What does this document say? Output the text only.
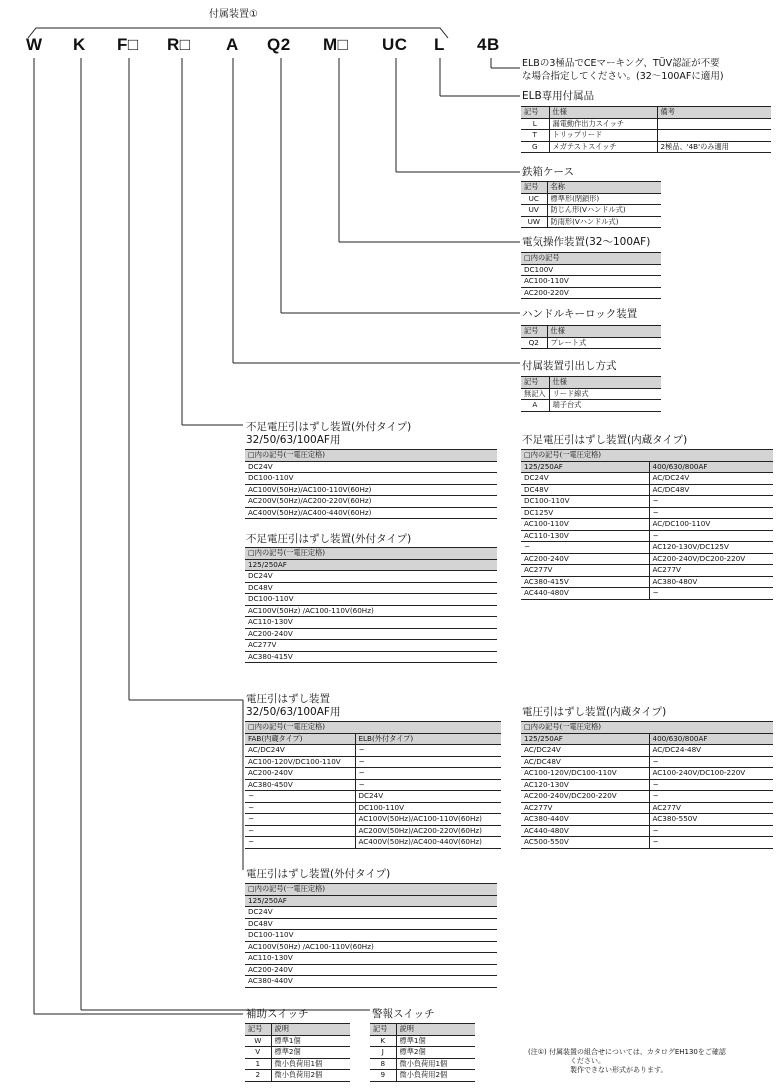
付属装置①
W K F□ R□ A Q2 M□ UC L 4B
ELBの3極品でCEマーキング、TÜV認証が不要
な場合指定してください。(32〜100AFに適用)
ELB専用付属品
記号	仕様	備考
L	漏電動作出力スイッチ	
T	トリップリード	
G	メガテストスイッチ	2極品、'4B'のみ適用
鉄箱ケース
記号	名称
UC	標準形(閉鎖形)
UV	防じん形(Vハンドル式)
UW	防雨形(Vハンドル式)
電気操作装置(32〜100AF)
□内の記号
DC100V
AC100-110V
AC200-220V
ハンドルキーロック装置
記号	仕様
Q2	プレート式
付属装置引出し方式
記号	仕様
無記入	リード線式
A	端子台式
不足電圧引はずし装置(外付タイプ)
32/50/63/100AF用
□内の記号(一電圧定格)
DC24V
DC100-110V
AC100V(50Hz)/AC100-110V(60Hz)
AC200V(50Hz)/AC200-220V(60Hz)
AC400V(50Hz)/AC400-440V(60Hz)
不足電圧引はずし装置(外付タイプ)
□内の記号(一電圧定格)
125/250AF
DC24V
DC48V
DC100-110V
AC100V(50Hz) /AC100-110V(60Hz)
AC110-130V
AC200-240V
AC277V
AC380-415V
不足電圧引はずし装置(内蔵タイプ)
□内の記号(一電圧定格)	
125/250AF	400/630/800AF
DC24V	AC/DC24V
DC48V	AC/DC48V
DC100-110V	−
DC125V	−
AC100-110V	AC/DC100-110V
AC110-130V	−
−	AC120-130V/DC125V
AC200-240V	AC200-240V/DC200-220V
AC277V	AC277V
AC380-415V	AC380-480V
AC440-480V	−
電圧引はずし装置
32/50/63/100AF用
□内の記号(一電圧定格)	
FAB(内蔵タイプ)	ELB(外付タイプ)
AC/DC24V	−
AC100-120V/DC100-110V	−
AC200-240V	−
AC380-450V	−
−	DC24V
−	DC100-110V
−	AC100V(50Hz)/AC100-110V(60Hz)
−	AC200V(50Hz)/AC200-220V(60Hz)
−	AC400V(50Hz)/AC400-440V(60Hz)
電圧引はずし装置(内蔵タイプ)
□内の記号(一電圧定格)	
125/250AF	400/630/800AF
AC/DC24V	AC/DC24-48V
AC/DC48V	−
AC100-120V/DC100-110V	AC100-240V/DC100-220V
AC120-130V	−
AC200-240V/DC200-220V	−
AC277V	AC277V
AC380-440V	AC380-550V
AC440-480V	−
AC500-550V	−
電圧引はずし装置(外付タイプ)
□内の記号(一電圧定格)
125/250AF
DC24V
DC48V
DC100-110V
AC100V(50Hz) /AC100-110V(60Hz)
AC110-130V
AC200-240V
AC380-440V
補助スイッチ
記号	説明
W	標準1個
V	標準2個
1	微小負荷用1個
2	微小負荷用2個
警報スイッチ
記号	説明
K	標準1個
J	標準2個
8	微小負荷用1個
9	微小負荷用2個
(注①) 付属装置の組合せについては、カタログEH130をご確認
ください。
製作できない形式があります。
